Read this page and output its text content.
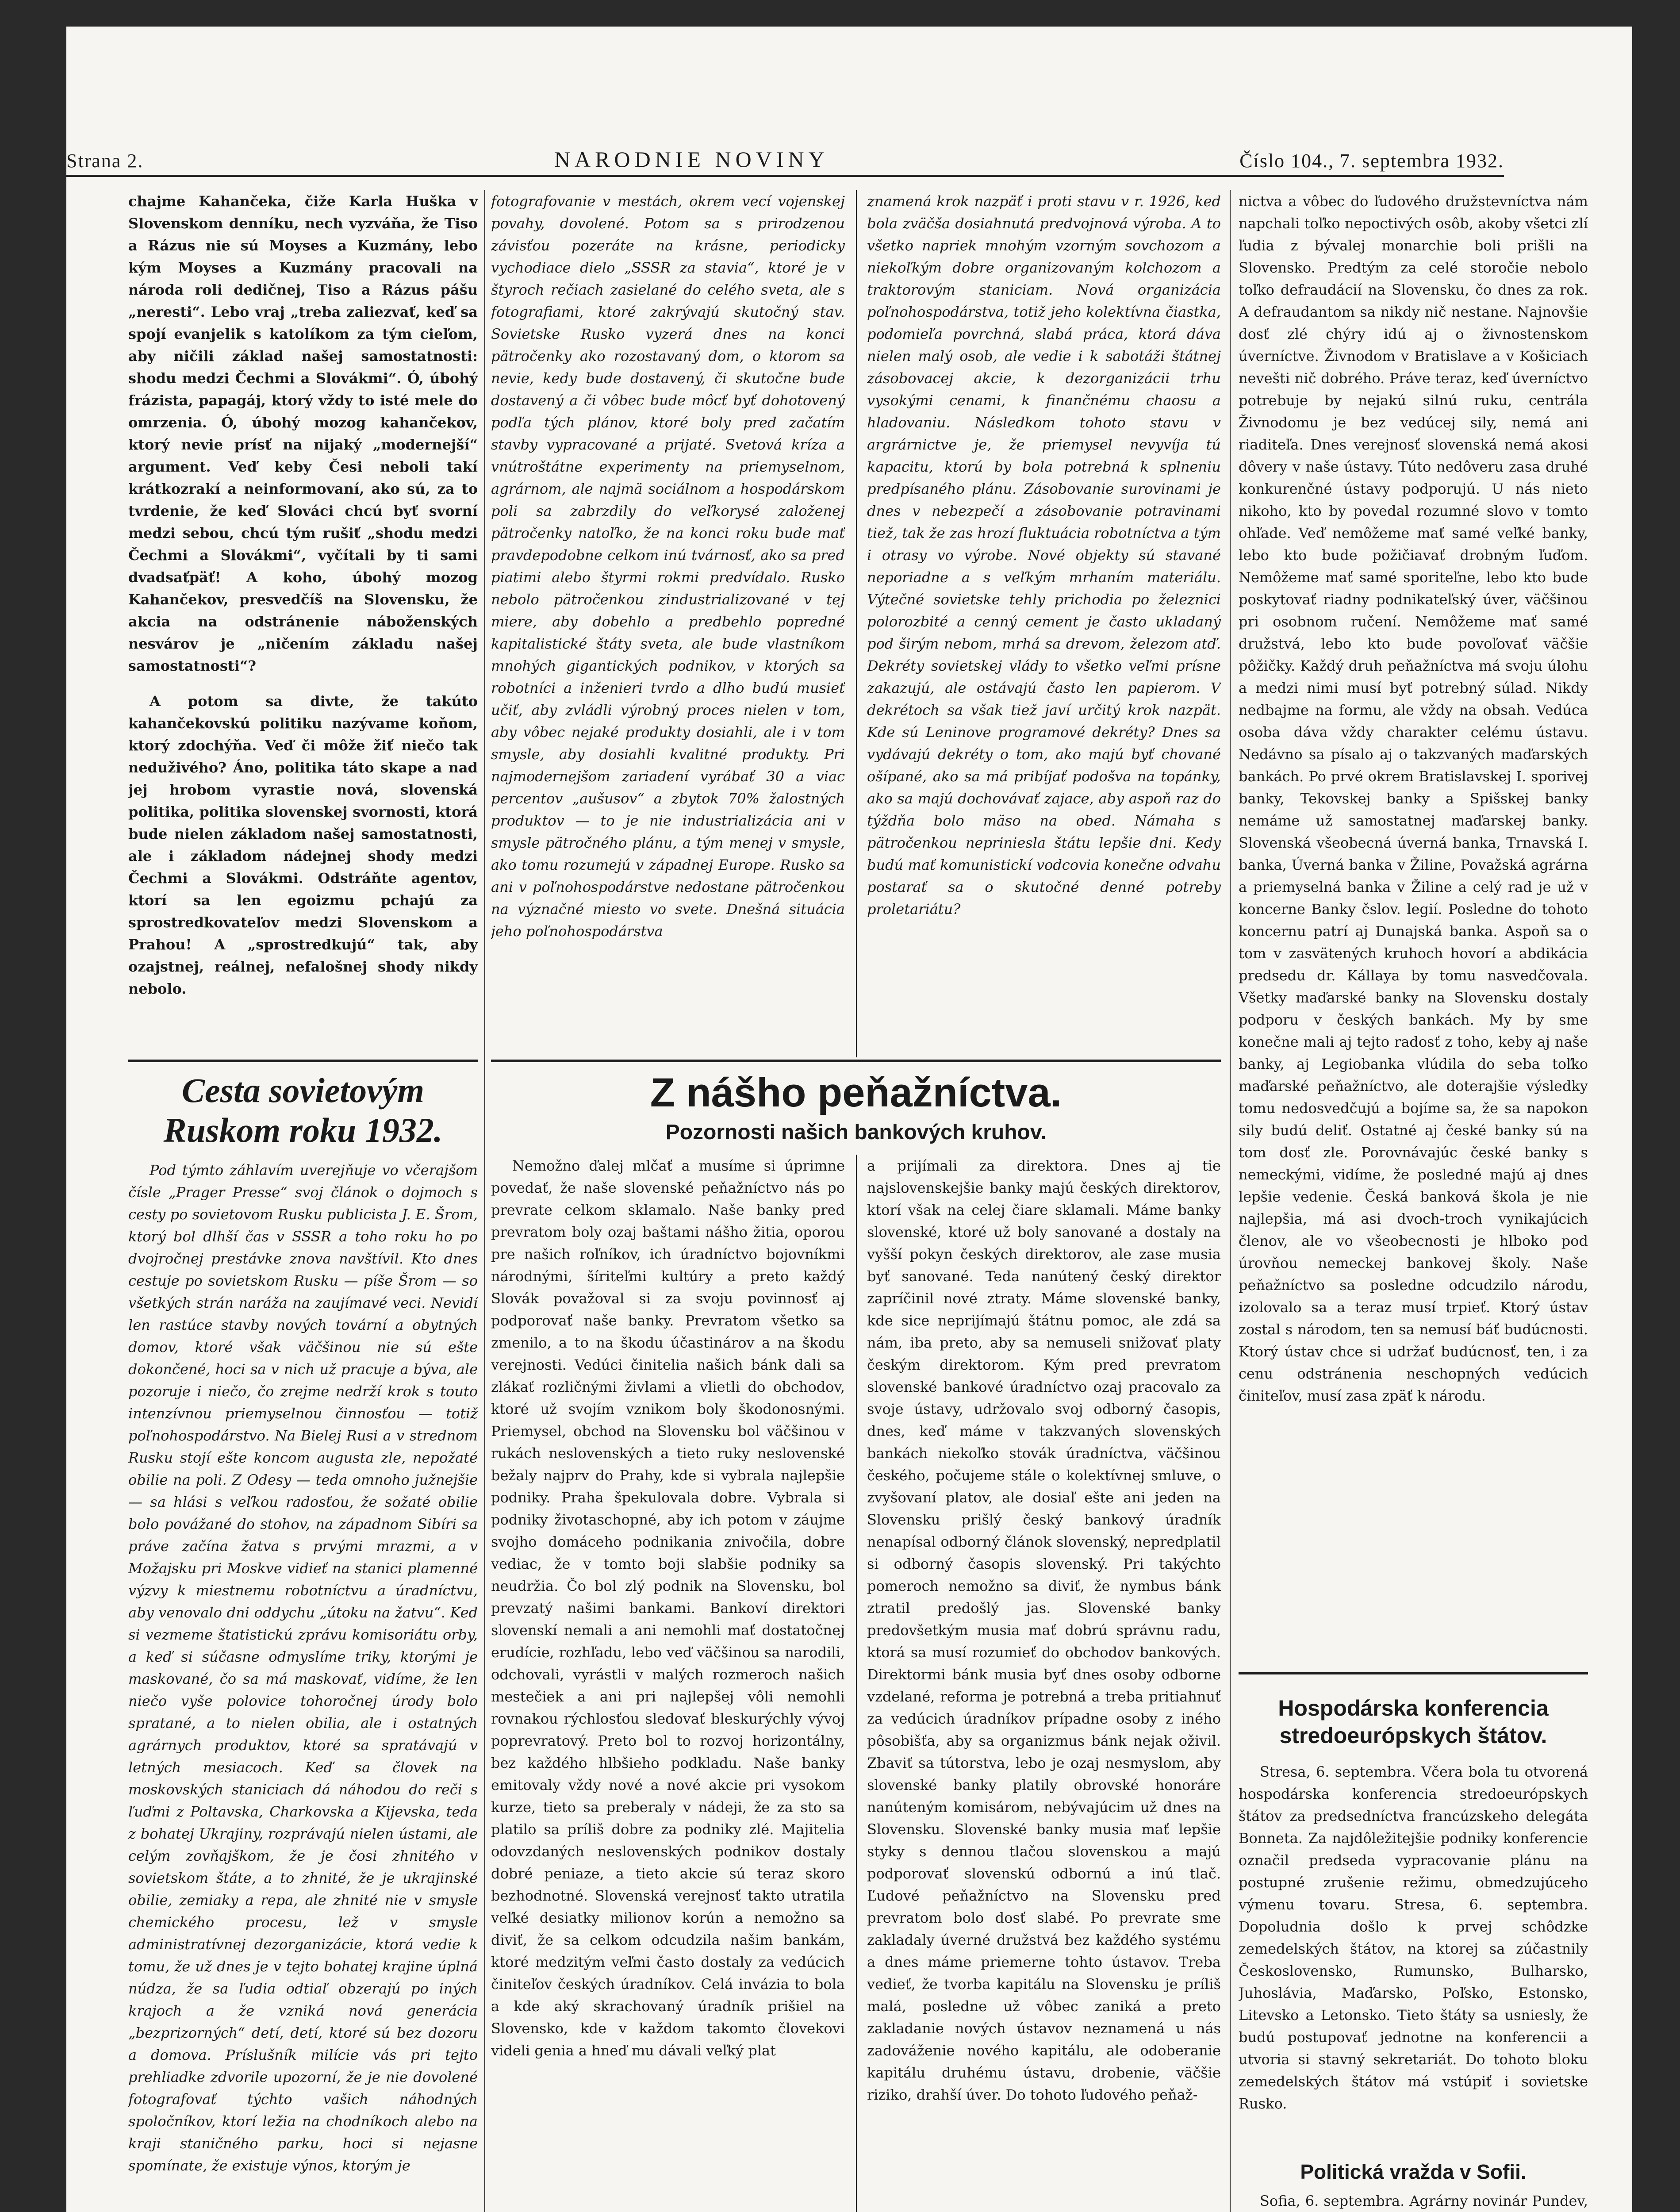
Strana 2.	NARODNIE NOVINY	Číslo 104., 7. septembra 1932.

chajme Kahančeka, čiže Karla Huška v Slovenskom denníku, nech vyzváňa, že Tiso a Rázus nie sú Moyses a Kuzmány, lebo kým Moyses a Kuzmány pracovali na národa roli dedičnej, Tiso a Rázus pášu „neresti“. Lebo vraj „treba zaliezvať, keď sa spojí evanjelik s katolíkom za tým cieľom, aby ničili základ našej samostatnosti: shodu medzi Čechmi a Slovákmi“. Ó, úbohý frázista, papagáj, ktorý vždy to isté mele do omrzenia. Ó, úbohý mozog kahančekov, ktorý nevie prísť na nijaký „modernejší“ argument. Veď keby Česi neboli takí krátkozrakí a neinformovaní, ako sú, za to tvrdenie, že keď Slováci chcú byť svorní medzi sebou, chcú tým rušiť „shodu medzi Čechmi a Slovákmi“, vyčítali by ti sami dvadsaťpäť! A koho, úbohý mozog Kahančekov, presvedčíš na Slovensku, že akcia na odstránenie náboženských nesvárov je „ničením základu našej samostatnosti“?

A potom sa divte, že takúto kahančekovskú politiku nazývame koňom, ktorý zdochýňa. Veď či môže žiť niečo tak neduživého? Áno, politika táto skape a nad jej hrobom vyrastie nová, slovenská politika, politika slovenskej svornosti, ktorá bude nielen základom našej samostatnosti, ale i základom nádejnej shody medzi Čechmi a Slovákmi. Odstráňte agentov, ktorí sa len egoizmu pchajú za sprostredkovateľov medzi Slovenskom a Prahou! A „sprostredkujú“ tak, aby ozajstnej, reálnej, nefalošnej shody nikdy nebolo.

fotografovanie v mestách, okrem vecí vojenskej povahy, dovolené. Potom sa s prirodzenou závisťou pozeráte na krásne, periodicky vychodiace dielo „SSSR za stavia“, ktoré je v štyroch rečiach zasielané do celého sveta, ale s fotografiami, ktoré zakrývajú skutočný stav. Sovietske Rusko vyzerá dnes na konci pätročenky ako rozostavaný dom, o ktorom sa nevie, kedy bude dostavený, či skutočne bude dostavený a či vôbec bude môcť byť dohotovený podľa tých plánov, ktoré boly pred začatím stavby vypracované a prijaté. Svetová kríza a vnútroštátne experimenty na priemyselnom, agrárnom, ale najmä sociálnom a hospodárskom poli sa zabrzdily do veľkorysé založenej pätročenky natoľko, že na konci roku bude mať pravdepodobne celkom inú tvárnosť, ako sa pred piatimi alebo štyrmi rokmi predvídalo. Rusko nebolo pätročenkou zindustrializované v tej miere, aby dobehlo a predbehlo popredné kapitalistické štáty sveta, ale bude vlastníkom mnohých gigantických podnikov, v ktorých sa robotníci a inženieri tvrdo a dlho budú musieť učiť, aby zvládli výrobný proces nielen v tom, aby vôbec nejaké produkty dosiahli, ale i v tom smysle, aby dosiahli kvalitné produkty. Pri najmodernejšom zariadení vyrábať 30 a viac percentov „aušusov“ a zbytok 70% žalostných produktov — to je nie industrializácia ani v smysle pätročného plánu, a tým menej v smysle, ako tomu rozumejú v západnej Europe. Rusko sa ani v poľnohospodárstve nedostane pätročenkou na význačné miesto vo svete. Dnešná situácia jeho poľnohospodárstva

znamená krok nazpäť i proti stavu v r. 1926, keď bola zväčša dosiahnutá predvojnová výroba. A to všetko napriek mnohým vzorným sovchozom a niekoľkým dobre organizovaným kolchozom a traktorovým staniciam. Nová organizácia poľnohospodárstva, totiž jeho kolektívna čiastka, podomieľa povrchná, slabá práca, ktorá dáva nielen malý osob, ale vedie i k sabotáži štátnej zásobovacej akcie, k dezorganizácii trhu vysokými cenami, k finančnému chaosu a hladovaniu. Následkom tohoto stavu v argrárnictve je, že priemysel nevyvíja tú kapacitu, ktorú by bola potrebná k splneniu predpísaného plánu. Zásobovanie surovinami je dnes v nebezpečí a zásobovanie potravinami tiež, tak že zas hrozí fluktuácia robotníctva a tým i otrasy vo výrobe. Nové objekty sú stavané neporiadne a s veľkým mrhaním materiálu. Výtečné sovietske tehly prichodia po železnici polorozbité a cenný cement je často ukladaný pod širým nebom, mrhá sa drevom, železom atď. Dekréty sovietskej vlády to všetko veľmi prísne zakazujú, ale ostávajú často len papierom. V dekrétoch sa však tiež javí určitý krok nazpät. Kde sú Leninove programové dekréty? Dnes sa vydávajú dekréty o tom, ako majú byť chované ošípané, ako sa má pribíjať podošva na topánky, ako sa majú dochovávať zajace, aby aspoň raz do týždňa bolo mäso na obed. Námaha s pätročenkou nepriniesla štátu lepšie dni. Kedy budú mať komunistickí vodcovia konečne odvahu postarať sa o skutočné denné potreby proletariátu?

nictva a vôbec do ľudového družstevníctva nám napchali toľko nepoctivých osôb, akoby všetci zlí ľudia z bývalej monarchie boli prišli na Slovensko. Predtým za celé storočie nebolo toľko defraudácií na Slovensku, čo dnes za rok. A defraudantom sa nikdy nič nestane. Najnovšie dosť zlé chýry idú aj o živnostenskom úverníctve. Živnodom v Bratislave a v Košiciach nevešti nič dobrého. Práve teraz, keď úverníctvo potrebuje by nejakú silnú ruku, centrála Živnodomu je bez vedúcej sily, nemá ani riaditeľa. Dnes verejnosť slovenská nemá akosi dôvery v naše ústavy. Túto nedôveru zasa druhé konkurenčné ústavy podporujú. U nás nieto nikoho, kto by povedal rozumné slovo v tomto ohľade. Veď nemôžeme mať samé veľké banky, lebo kto bude požičiavať drobným ľuďom. Nemôžeme mať samé sporiteľne, lebo kto bude poskytovať riadny podnikateľský úver, väčšinou pri osobnom ručení. Nemôžeme mať samé družstvá, lebo kto bude povoľovať väčšie pôžičky. Každý druh peňažníctva má svoju úlohu a medzi nimi musí byť potrebný súlad. Nikdy nedbajme na formu, ale vždy na obsah. Vedúca osoba dáva vždy charakter celému ústavu. Nedávno sa písalo aj o takzvaných maďarských bankách. Po prvé okrem Bratislavskej I. sporivej banky, Tekovskej banky a Spišskej banky nemáme už samostatnej maďarskej banky. Slovenská všeobecná úverná banka, Trnavská I. banka, Úverná banka v Žiline, Považská agrárna a priemyselná banka v Žiline a celý rad je už v koncerne Banky čslov. legií. Posledne do tohoto koncernu patrí aj Dunajská banka. Aspoň sa o tom v zasvätených kruhoch hovorí a abdikácia predsedu dr. Kállaya by tomu nasvedčovala. Všetky maďarské banky na Slovensku dostaly podporu v českých bankách. My by sme konečne mali aj tejto radosť z toho, keby aj naše banky, aj Legiobanka vlúdila do seba toľko maďarské peňažníctvo, ale doterajšie výsledky tomu nedosvedčujú a bojíme sa, že sa napokon sily budú deliť. Ostatné aj české banky sú na tom dosť zle. Porovnávajúc české banky s nemeckými, vidíme, že posledné majú aj dnes lepšie vedenie. Česká banková škola je nie najlepšia, má asi dvoch-troch vynikajúcich členov, ale vo všeobecnosti je hlboko pod úrovňou nemeckej bankovej školy. Naše peňažníctvo sa posledne odcudzilo národu, izolovalo sa a teraz musí trpieť. Ktorý ústav zostal s národom, ten sa nemusí báť budúcnosti. Ktorý ústav chce si udržať budúcnosť, ten, i za cenu odstránenia neschopných vedúcich činiteľov, musí zasa zpäť k národu.

Cesta sovietovým
Ruskom roku 1932.

Pod týmto záhlavím uverejňuje vo včerajšom čísle „Prager Presse“ svoj článok o dojmoch s cesty po sovietovom Rusku publicista J. E. Šrom, ktorý bol dlhší čas v SSSR a toho roku ho po dvojročnej prestávke znova navštívil. Kto dnes cestuje po sovietskom Rusku — píše Šrom — so všetkých strán naráža na zaujímavé veci. Nevidí len rastúce stavby nových tovární a obytných domov, ktoré však väčšinou nie sú ešte dokončené, hoci sa v nich už pracuje a býva, ale pozoruje i niečo, čo zrejme nedrží krok s touto intenzívnou priemyselnou činnosťou — totiž poľnohospodárstvo. Na Bielej Rusi a v strednom Rusku stojí ešte koncom augusta zle, nepožaté obilie na poli. Z Odesy — teda omnoho južnejšie — sa hlási s veľkou radosťou, že sožaté obilie bolo povážané do stohov, na západnom Sibíri sa práve začína žatva s prvými mrazmi, a v Možajsku pri Moskve vidieť na stanici plamenné výzvy k miestnemu robotníctvu a úradníctvu, aby venovalo dni oddychu „útoku na žatvu“. Keď si vezmeme štatistickú zprávu komisoriátu orby, a keď si súčasne odmyslíme triky, ktorými je maskované, čo sa má maskovať, vidíme, že len niečo vyše polovice tohoročnej úrody bolo spratané, a to nielen obilia, ale i ostatných agrárnych produktov, ktoré sa spratávajú v letných mesiacoch. Keď sa človek na moskovských staniciach dá náhodou do reči s ľuďmi z Poltavska, Charkovska a Kijevska, teda z bohatej Ukrajiny, rozprávajú nielen ústami, ale celým zovňajškom, že je čosi zhnitého v sovietskom štáte, a to zhnité, že je ukrajinské obilie, zemiaky a repa, ale zhnité nie v smysle chemického procesu, lež v smysle administratívnej dezorganizácie, ktorá vedie k tomu, že už dnes je v tejto bohatej krajine úplná núdza, že sa ľudia odtiaľ obzerajú po iných krajoch a že vzniká nová generácia „bezprizorných“ detí, detí, ktoré sú bez dozoru a domova. Príslušník milície vás pri tejto prehliadke zdvorile upozorní, že je nie dovolené fotografovať týchto vašich náhodných spoločníkov, ktorí ležia na chodníkoch alebo na kraji staničného parku, hoci si nejasne spomínate, že existuje výnos, ktorým je

Z nášho peňažníctva.
Pozornosti našich bankových kruhov.

Nemožno ďalej mlčať a musíme si úprimne povedať, že naše slovenské peňažníctvo nás po prevrate celkom sklamalo. Naše banky pred prevratom boly ozaj baštami nášho žitia, oporou pre našich roľníkov, ich úradníctvo bojovníkmi národnými, šíriteľmi kultúry a preto každý Slovák považoval si za svoju povinnosť aj podporovať naše banky. Prevratom všetko sa zmenilo, a to na škodu účastinárov a na škodu verejnosti. Vedúci činitelia našich bánk dali sa zlákať rozličnými živlami a vlietli do obchodov, ktoré už svojím vznikom boly škodonosnými. Priemysel, obchod na Slovensku bol väčšinou v rukách neslovenských a tieto ruky neslovenské bežaly najprv do Prahy, kde si vybrala najlepšie podniky. Praha špekulovala dobre. Vybrala si podniky životaschopné, aby ich potom v záujme svojho domáceho podnikania znivočila, dobre vediac, že v tomto boji slabšie podniky sa neudržia. Čo bol zlý podnik na Slovensku, bol prevzatý našimi bankami. Bankoví direktori slovenskí nemali a ani nemohli mať dostatočnej erudície, rozhľadu, lebo veď väčšinou sa narodili, odchovali, vyrástli v malých rozmeroch našich mestečiek a ani pri najlepšej vôli nemohli rovnakou rýchlosťou sledovať bleskurýchly vývoj poprevratový. Preto bol to rozvoj horizontálny, bez každého hlbšieho podkladu. Naše banky emitovaly vždy nové a nové akcie pri vysokom kurze, tieto sa preberaly v nádeji, že za sto sa platilo sa príliš dobre za podniky zlé. Majitelia odovzdaných neslovenských podnikov dostaly dobré peniaze, a tieto akcie sú teraz skoro bezhodnotné. Slovenská verejnosť takto utratila veľké desiatky milionov korún a nemožno sa diviť, že sa celkom odcudzila našim bankám, ktoré medzitým veľmi často dostaly za vedúcich činiteľov českých úradníkov. Celá invázia to bola a kde aký skrachovaný úradník prišiel na Slovensko, kde v každom takomto človekovi videli genia a hneď mu dávali veľký plat

a prijímali za direktora. Dnes aj tie najslovenskejšie banky majú českých direktorov, ktorí však na celej čiare sklamali. Máme banky slovenské, ktoré už boly sanované a dostaly na vyšší pokyn českých direktorov, ale zase musia byť sanované. Teda nanútený český direktor zapríčinil nové ztraty. Máme slovenské banky, kde sice neprijímajú štátnu pomoc, ale zdá sa nám, iba preto, aby sa nemuseli snižovať platy českým direktorom. Kým pred prevratom slovenské bankové úradníctvo ozaj pracovalo za svoje ústavy, udržovalo svoj odborný časopis, dnes, keď máme v takzvaných slovenských bankách niekoľko stovák úradníctva, väčšinou českého, počujeme stále o kolektívnej smluve, o zvyšovaní platov, ale dosiaľ ešte ani jeden na Slovensku prišlý český bankový úradník nenapísal odborný článok slovenský, nepredplatil si odborný časopis slovenský. Pri takýchto pomeroch nemožno sa diviť, že nymbus bánk ztratil predošlý jas. Slovenské banky predovšetkým musia mať dobrú správnu radu, ktorá sa musí rozumieť do obchodov bankových. Direktormi bánk musia byť dnes osoby odborne vzdelané, reforma je potrebná a treba pritiahnuť za vedúcich úradníkov prípadne osoby z iného pôsobišťa, aby sa organizmus bánk nejak oživil. Zbaviť sa tútorstva, lebo je ozaj nesmyslom, aby slovenské banky platily obrovské honoráre nanúteným komisárom, nebývajúcim už dnes na Slovensku. Slovenské banky musia mať lepšie styky s dennou tlačou slovenskou a majú podporovať slovenskú odbornú a inú tlač. Ľudové peňažníctvo na Slovensku pred prevratom bolo dosť slabé. Po prevrate sme zakladaly úverné družstvá bez každého systému a dnes máme priemerne tohto ústavov. Treba vedieť, že tvorba kapitálu na Slovensku je príliš malá, posledne už vôbec zaniká a preto zakladanie nových ústavov neznamená u nás zadováženie nového kapitálu, ale odoberanie kapitálu druhému ústavu, drobenie, väčšie riziko, drahší úver. Do tohoto ľudového peňaž-

Hospodárska konferencia
stredoeurópskych štátov.

Stresa, 6. septembra. Včera bola tu otvorená hospodárska konferencia stredoeurópskych štátov za predsedníctva francúzskeho delegáta Bonneta. Za najdôležitejšie podniky konferencie označil predseda vypracovanie plánu na postupné zrušenie režimu, obmedzujúceho výmenu tovaru. Stresa, 6. septembra. Dopoludnia došlo k prvej schôdzke zemedelských štátov, na ktorej sa zúčastnily Československo, Rumunsko, Bulharsko, Juhoslávia, Maďarsko, Poľsko, Estonsko, Litevsko a Letonsko. Tieto štáty sa usniesly, že budú postupovať jednotne na konferencii a utvoria si stavný sekretariát. Do tohoto bloku zemedelských štátov má vstúpiť i sovietske Rusko.

Politická vražda v Sofii.

Sofia, 6. septembra. Agrárny novinár Pundev,
